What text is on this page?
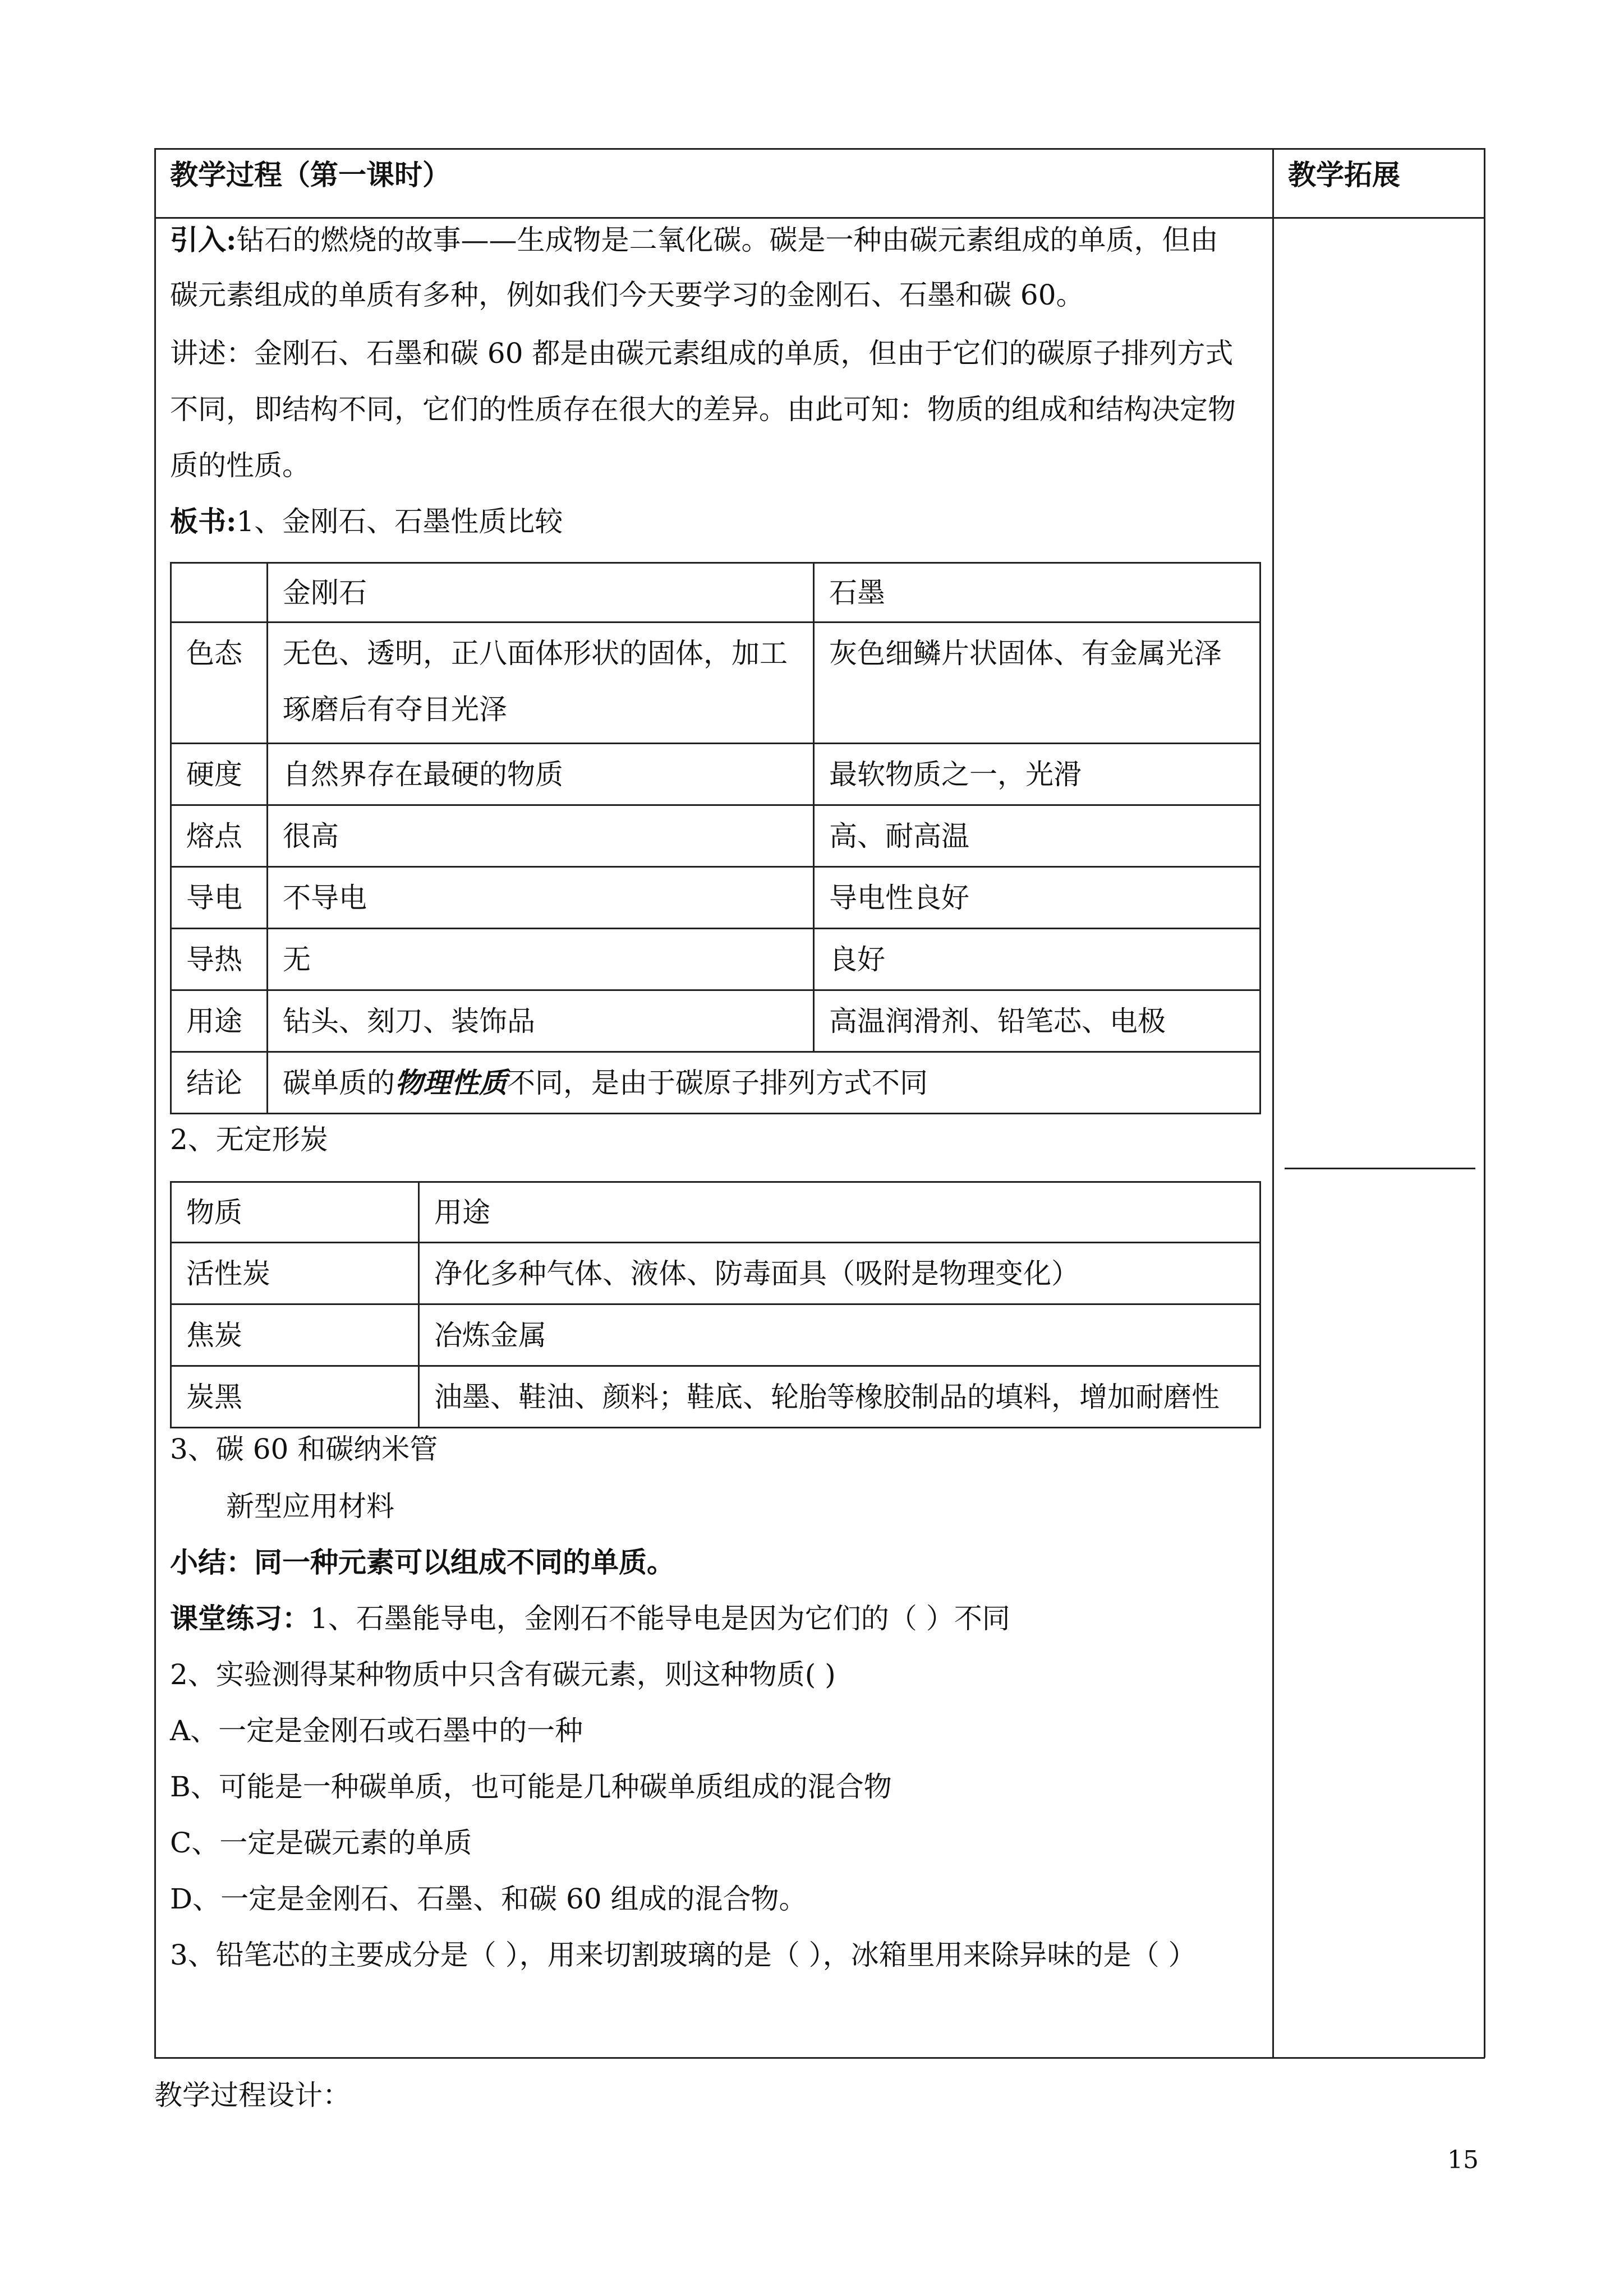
教学过程（第一课时）	教学拓展
引入:钻石的燃烧的故事——生成物是二氧化碳。碳是一种由碳元素组成的单质，但由
碳元素组成的单质有多种，例如我们今天要学习的金刚石、石墨和碳 60。
讲述：金刚石、石墨和碳 60 都是由碳元素组成的单质，但由于它们的碳原子排列方式
不同，即结构不同，它们的性质存在很大的差异。由此可知：物质的组成和结构决定物
质的性质。
板书:1、金刚石、石墨性质比较
	金刚石	石墨
色态	无色、透明，正八面体形状的固体，加工琢磨后有夺目光泽	灰色细鳞片状固体、有金属光泽
硬度	自然界存在最硬的物质	最软物质之一，光滑
熔点	很高	高、耐高温
导电	不导电	导电性良好
导热	无	良好
用途	钻头、刻刀、装饰品	高温润滑剂、铅笔芯、电极
结论	碳单质的物理性质不同，是由于碳原子排列方式不同	
2、无定形炭
物质	用途
活性炭	净化多种气体、液体、防毒面具（吸附是物理变化）
焦炭	冶炼金属
炭黑	油墨、鞋油、颜料；鞋底、轮胎等橡胶制品的填料，增加耐磨性
3、碳 60 和碳纳米管
新型应用材料
小结：同一种元素可以组成不同的单质。
课堂练习：1、石墨能导电，金刚石不能导电是因为它们的（ ）不同
2、实验测得某种物质中只含有碳元素，则这种物质( )
A、一定是金刚石或石墨中的一种
B、可能是一种碳单质，也可能是几种碳单质组成的混合物
C、一定是碳元素的单质
D、一定是金刚石、石墨、和碳 60 组成的混合物。
3、铅笔芯的主要成分是（ ），用来切割玻璃的是（ ），冰箱里用来除异味的是（ ）
教学过程设计：
15
